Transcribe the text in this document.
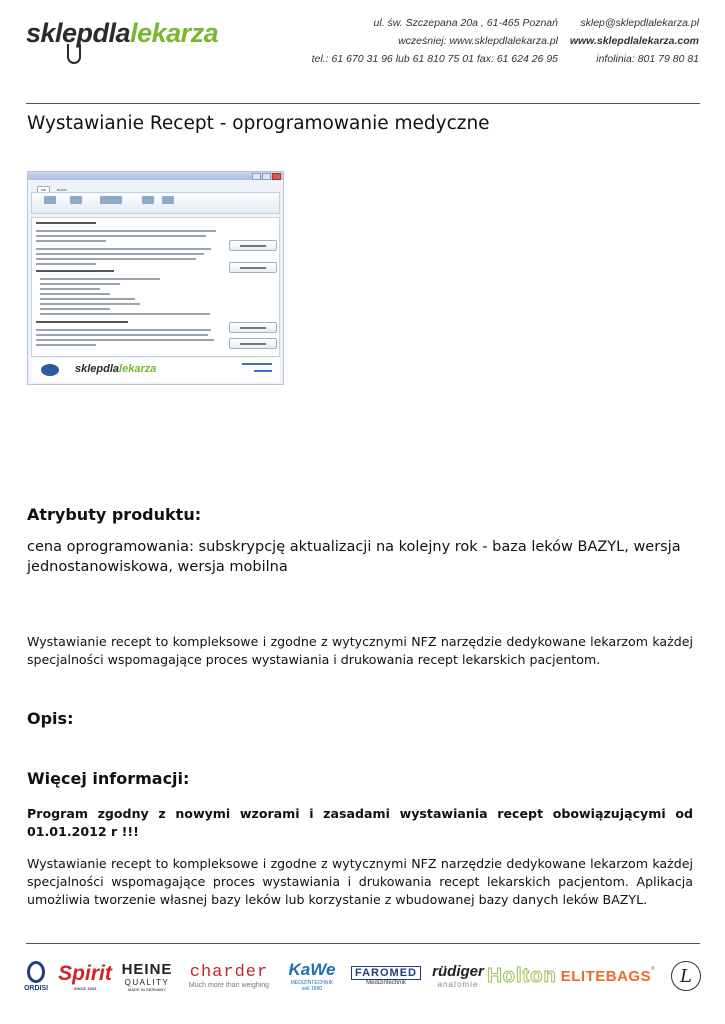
sklepdlalekarza	ul. św. Szczepana 20a , 61-465 Poznań
wcześniej: www.sklepdlalekarza.pl
tel.: 61 670 31 96 lub 61 810 75 01 fax: 61 624 26 95
sklep@sklepdlalekarza.pl
www.sklepdlalekarza.com
infolinia: 801 79 80 81
Wystawianie Recept - oprogramowanie medyczne
Plik	Pomoc
sklepdlalekarza
Atrybuty produktu:
cena oprogramowania: subskrypcję aktualizacji na kolejny rok - baza leków BAZYL, wersja jednostanowiskowa, wersja mobilna
Wystawianie recept to kompleksowe i zgodne z wytycznymi NFZ narzędzie dedykowane lekarzom każdej specjalności wspomagające proces wystawiania i drukowania recept lekarskich pacjentom.
Opis:
Więcej informacji:
Program zgodny z nowymi wzorami i zasadami wystawiania recept obowiązującymi od 01.01.2012 r !!!
Wystawianie recept to kompleksowe i zgodne z wytycznymi NFZ narzędzie dedykowane lekarzom każdej specjalności wspomagające proces wystawiania i drukowania recept lekarskich pacjentom. Aplikacja umożliwia tworzenie własnej bazy leków lub korzystanie z wbudowanej bazy danych leków BAZYL.
ORDISI
Spirit
SINCE 1983
HEINE
QUALITY
MADE IN GERMANY
charder
Much more than weighing
KaWe
MEDIZINTECHNIK
seit 1890
FAROMED
Medizintechnik
rüdiger
anatomie Holton ELITEBAGS ®	L
